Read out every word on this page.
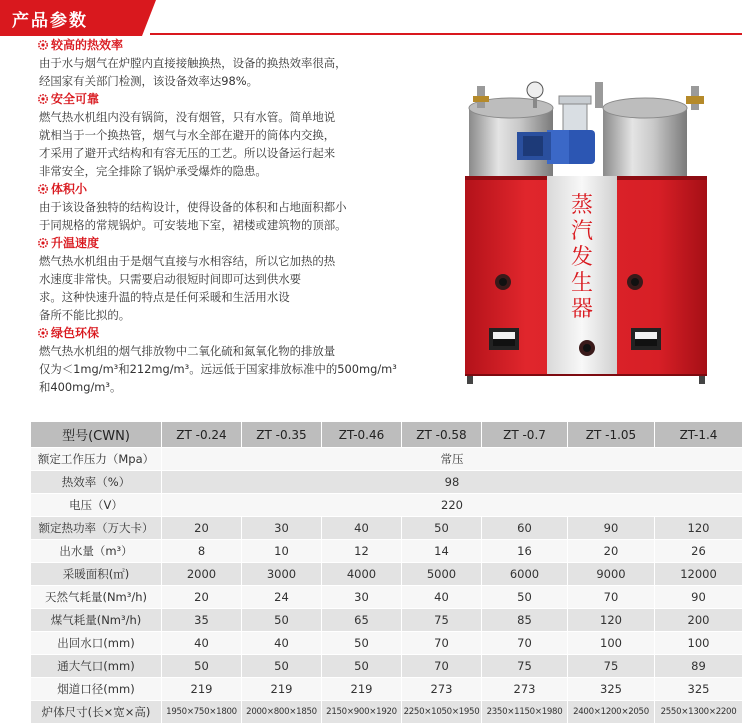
产品参数
较高的热效率
由于水与烟气在炉膛内直接接触换热，设备的换热效率很高，
经国家有关部门检测，该设备效率达98%。
安全可靠
燃气热水机组内没有锅筒，没有烟管，只有水管。简单地说
就相当于一个换热管，烟气与水全部在避开的筒体内交换，
才采用了避开式结构和有容无压的工艺。所以设备运行起来
非常安全，完全排除了锅炉承受爆炸的隐患。
体积小
由于该设备独特的结构设计，使得设备的体积和占地面积都小
于同规格的常规锅炉。可安装地下室，裙楼或建筑物的顶部。
升温速度
燃气热水机组由于是烟气直接与水相容结，所以它加热的热
水速度非常快。只需要启动很短时间即可达到供水要
求。这种快速升温的特点是任何采暖和生活用水设
备所不能比拟的。
绿色环保
燃气热水机组的烟气排放物中二氧化硫和氮氧化物的排放量
仅为＜1mg/m³和212mg/m³。远远低于国家排放标准中的500mg/m³
和400mg/m³。
蒸
汽
发
生
器
型号(CWN)	ZT -0.24	ZT -0.35	ZT-0.46	ZT -0.58	ZT -0.7	ZT -1.05	ZT-1.4
额定工作压力（Mpa）	常压						
热效率（%）	98						
电压（V）	220						
额定热功率（万大卡）	20	30	40	50	60	90	120
出水量（m³）	8	10	12	14	16	20	26
采暖面积(㎡)	2000	3000	4000	5000	6000	9000	12000
天然气耗量(Nm³/h)	20	24	30	40	50	70	90
煤气耗量(Nm³/h)	35	50	65	75	85	120	200
出回水口(mm)	40	40	50	70	70	100	100
通大气口(mm)	50	50	50	70	75	75	89
烟道口径(mm)	219	219	219	273	273	325	325
炉体尺寸(长×宽×高)	1950×750×1800	2000×800×1850	2150×900×1920	2250×1050×1950	2350×1150×1980	2400×1200×2050	2550×1300×2200
